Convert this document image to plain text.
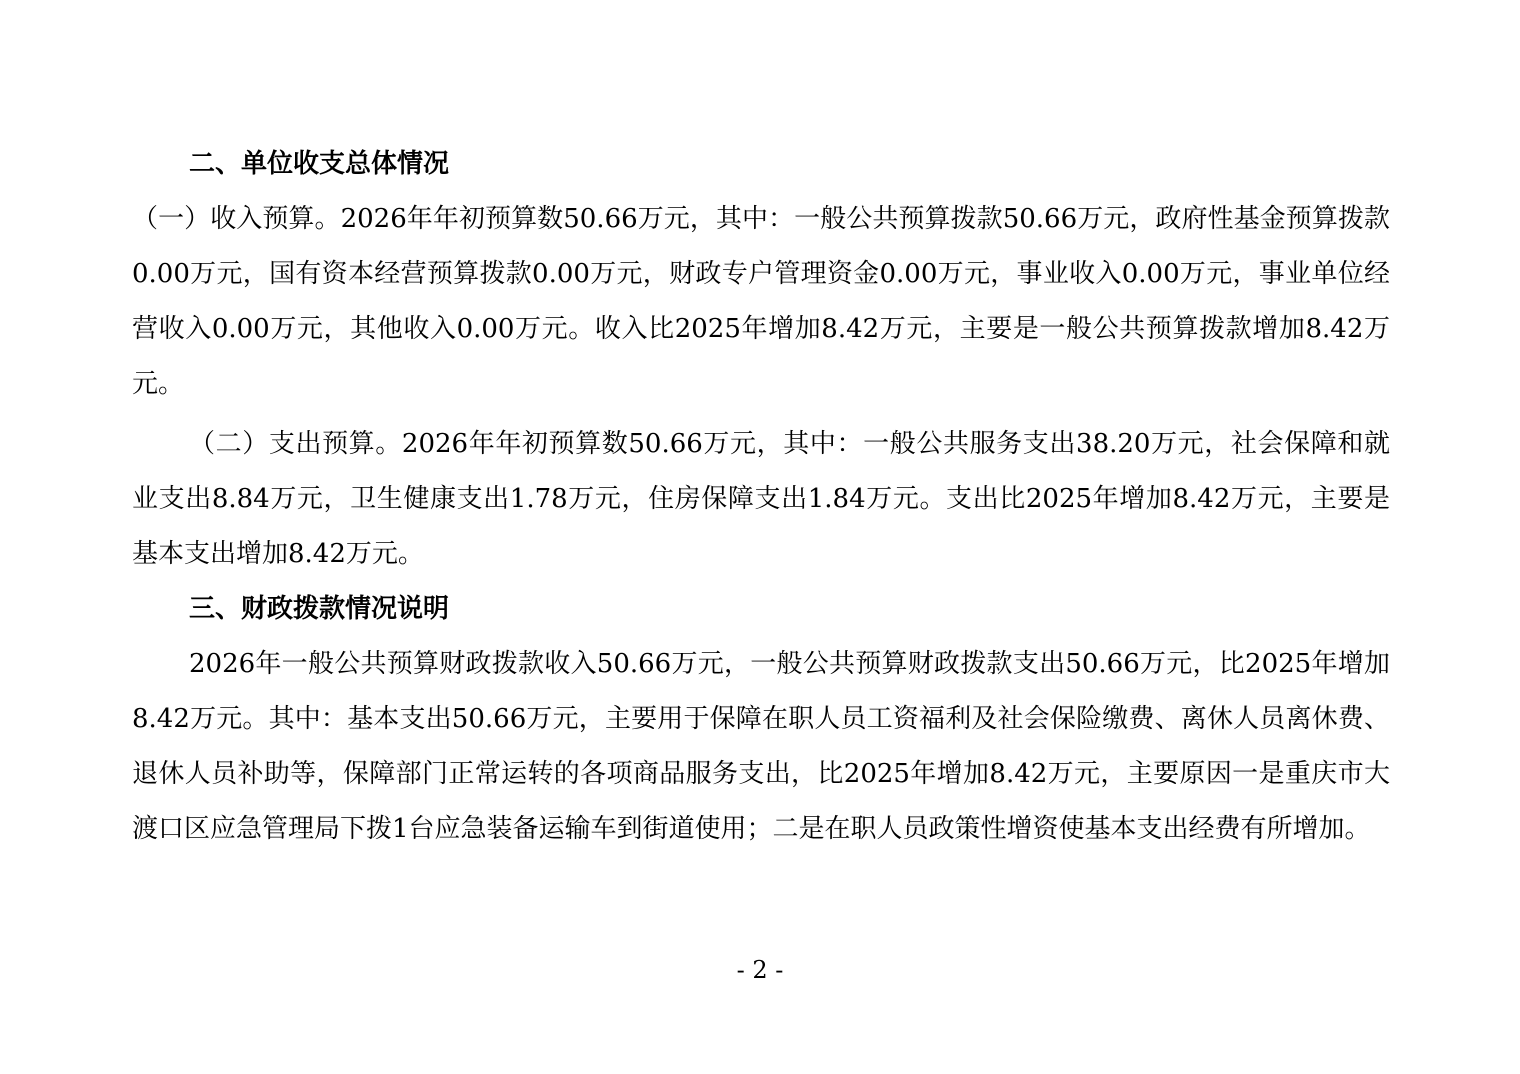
二、单位收支总体情况

（一）收入预算。2026年年初预算数50.66万元，其中：一般公共预算拨款50.66万元，政府性基金预算拨款0.00万元，国有资本经营预算拨款0.00万元，财政专户管理资金0.00万元，事业收入0.00万元，事业单位经营收入0.00万元，其他收入0.00万元。收入比2025年增加8.42万元，主要是一般公共预算拨款增加8.42万元。

（二）支出预算。2026年年初预算数50.66万元，其中：一般公共服务支出38.20万元，社会保障和就业支出8.84万元，卫生健康支出1.78万元，住房保障支出1.84万元。支出比2025年增加8.42万元，主要是基本支出增加8.42万元。

三、财政拨款情况说明

2026年一般公共预算财政拨款收入50.66万元，一般公共预算财政拨款支出50.66万元，比2025年增加8.42万元。其中：基本支出50.66万元，主要用于保障在职人员工资福利及社会保险缴费、离休人员离休费、退休人员补助等，保障部门正常运转的各项商品服务支出，比2025年增加8.42万元，主要原因一是重庆市大渡口区应急管理局下拨1台应急装备运输车到街道使用；二是在职人员政策性增资使基本支出经费有所增加。

- 2 -
